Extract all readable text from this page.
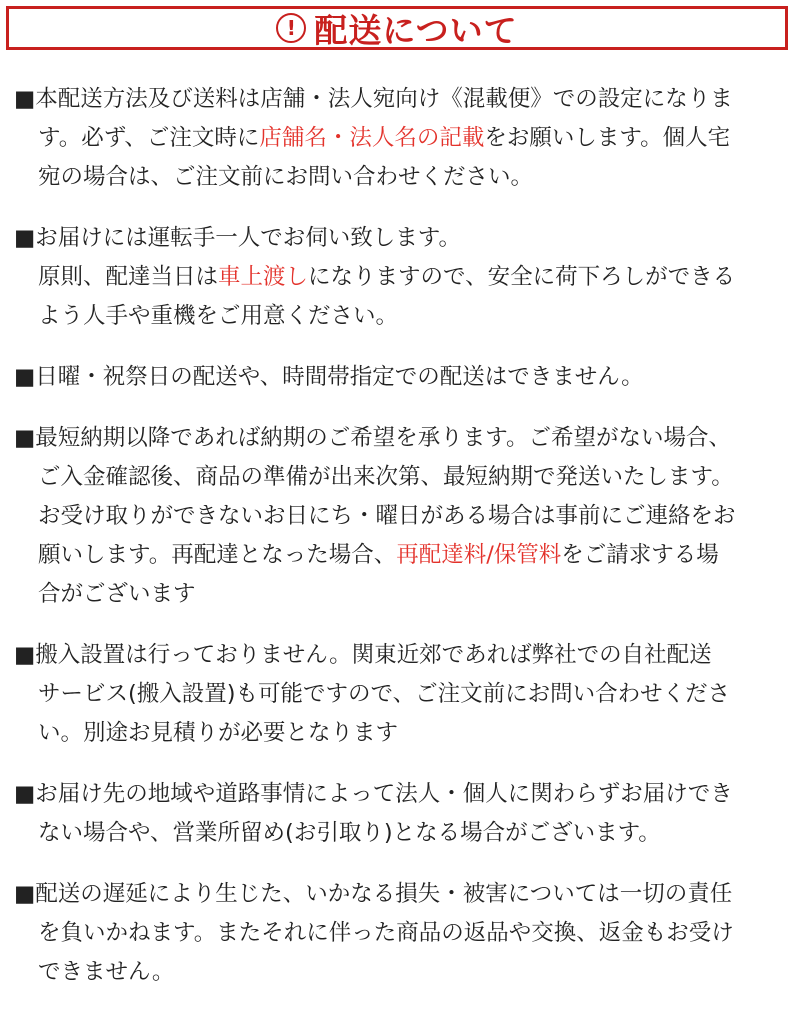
! 配送について
■本配送方法及び送料は店舗・法人宛向け《混載便》での設定になりま
す。必ず、ご注文時に店舗名・法人名の記載をお願いします。個人宅
宛の場合は、ご注文前にお問い合わせください。
■お届けには運転手一人でお伺い致します。
原則、配達当日は車上渡しになりますので、安全に荷下ろしができる
よう人手や重機をご用意ください。
■日曜・祝祭日の配送や、時間帯指定での配送はできません。
■最短納期以降であれば納期のご希望を承ります。ご希望がない場合、
ご入金確認後、商品の準備が出来次第、最短納期で発送いたします。
お受け取りができないお日にち・曜日がある場合は事前にご連絡をお
願いします。再配達となった場合、再配達料/保管料をご請求する場
合がございます
■搬入設置は行っておりません。関東近郊であれば弊社での自社配送
サービス(搬入設置)も可能ですので、ご注文前にお問い合わせくださ
い。別途お見積りが必要となります
■お届け先の地域や道路事情によって法人・個人に関わらずお届けでき
ない場合や、営業所留め(お引取り)となる場合がございます。
■配送の遅延により生じた、いかなる損失・被害については一切の責任
を負いかねます。またそれに伴った商品の返品や交換、返金もお受け
できません。
